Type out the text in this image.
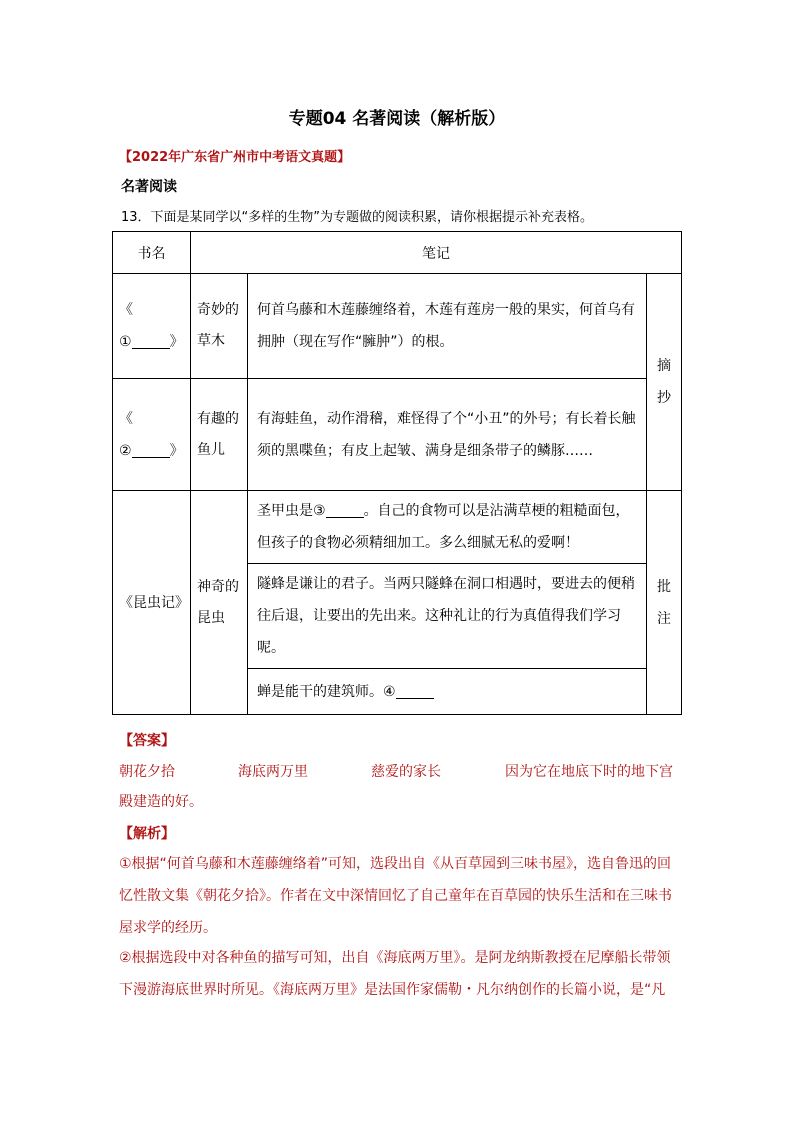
专题04 名著阅读（解析版）
【2022年广东省广州市中考语文真题】
名著阅读
13．下面是某同学以“多样的生物”为专题做的阅读积累，请你根据提示补充表格。
书名	笔记		

《
① 》	奇妙的草木	何首乌藤和木莲藤缠络着，木莲有莲房一般的果实，何首乌有拥肿（现在写作“臃肿”）的根。	摘抄

《
② 》	有趣的鱼儿	有海蛙鱼，动作滑稽，难怪得了个“小丑”的外号；有长着长触须的黑喋鱼；有皮上起皱、满身是细条带子的鳞豚……	
《昆虫记》	神奇的昆虫	圣甲虫是③ 。自己的食物可以是沾满草梗的粗糙面包，但孩子的食物必须精细加工。多么细腻无私的爱啊！	批注

		隧蜂是谦让的君子。当两只隧蜂在洞口相遇时，要进去的便稍往后退，让要出的先出来。这种礼让的行为真值得我们学习呢。	
		蝉是能干的建筑师。④	
【答案】
朝花夕拾	海底两万里	慈爱的家长	因为它在地底下时的地下宫
殿建造的好。
【解析】
①根据“何首乌藤和木莲藤缠络着”可知，选段出自《从百草园到三味书屋》，选自鲁迅的回忆性散文集《朝花夕拾》。作者在文中深情回忆了自己童年在百草园的快乐生活和在三味书屋求学的经历。
②根据选段中对各种鱼的描写可知，出自《海底两万里》。是阿龙纳斯教授在尼摩船长带领下漫游海底世界时所见。《海底两万里》是法国作家儒勒・凡尔纳创作的长篇小说，是“凡
